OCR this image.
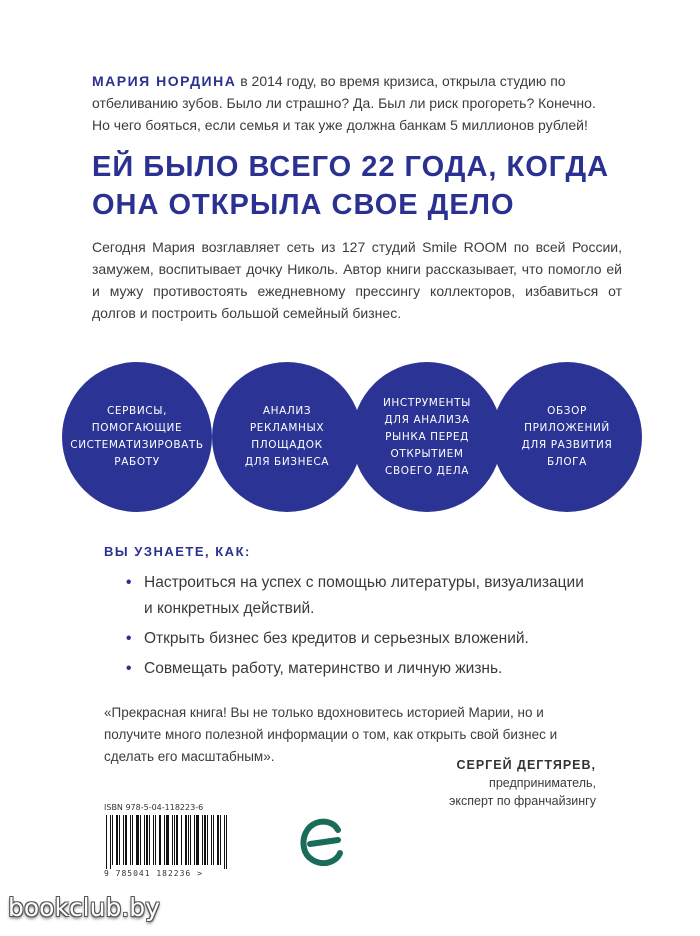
МАРИЯ НОРДИНА в 2014 году, во время кризиса, открыла студию по отбеливанию зубов. Было ли страшно? Да. Был ли риск прогореть? Конечно. Но чего бояться, если семья и так уже должна банкам 5 миллионов рублей!

ЕЙ БЫЛО ВСЕГО 22 ГОДА, КОГДА ОНА ОТКРЫЛА СВОЕ ДЕЛО

Сегодня Мария возглавляет сеть из 127 студий Smile ROOM по всей России, замужем, воспитывает дочку Николь. Автор книги рассказывает, что помогло ей и мужу противостоять ежедневному прессингу коллекторов, избавиться от долгов и построить большой семейный бизнес.

СЕРВИСЫ,
ПОМОГАЮЩИЕ
СИСТЕМАТИЗИРОВАТЬ
РАБОТУ
АНАЛИЗ
РЕКЛАМНЫХ
ПЛОЩАДОК
ДЛЯ БИЗНЕСА
ИНСТРУМЕНТЫ
ДЛЯ АНАЛИЗА
РЫНКА ПЕРЕД
ОТКРЫТИЕМ
СВОЕГО ДЕЛА
ОБЗОР
ПРИЛОЖЕНИЙ
ДЛЯ РАЗВИТИЯ
БЛОГА
ВЫ УЗНАЕТЕ, КАК:
• Настроиться на успех с помощью литературы, визуализации и конкретных действий.
• Открыть бизнес без кредитов и серьезных вложений.
• Совмещать работу, материнство и личную жизнь.

«Прекрасная книга! Вы не только вдохновитесь историей Марии, но и получите много полезной информации о том, как открыть свой бизнес и сделать его масштабным».

СЕРГЕЙ ДЕГТЯРЕВ,
предприниматель,
эксперт по франчайзингу
ISBN 978-5-04-118223-6
9 785041 182236 >
bookclub.by
